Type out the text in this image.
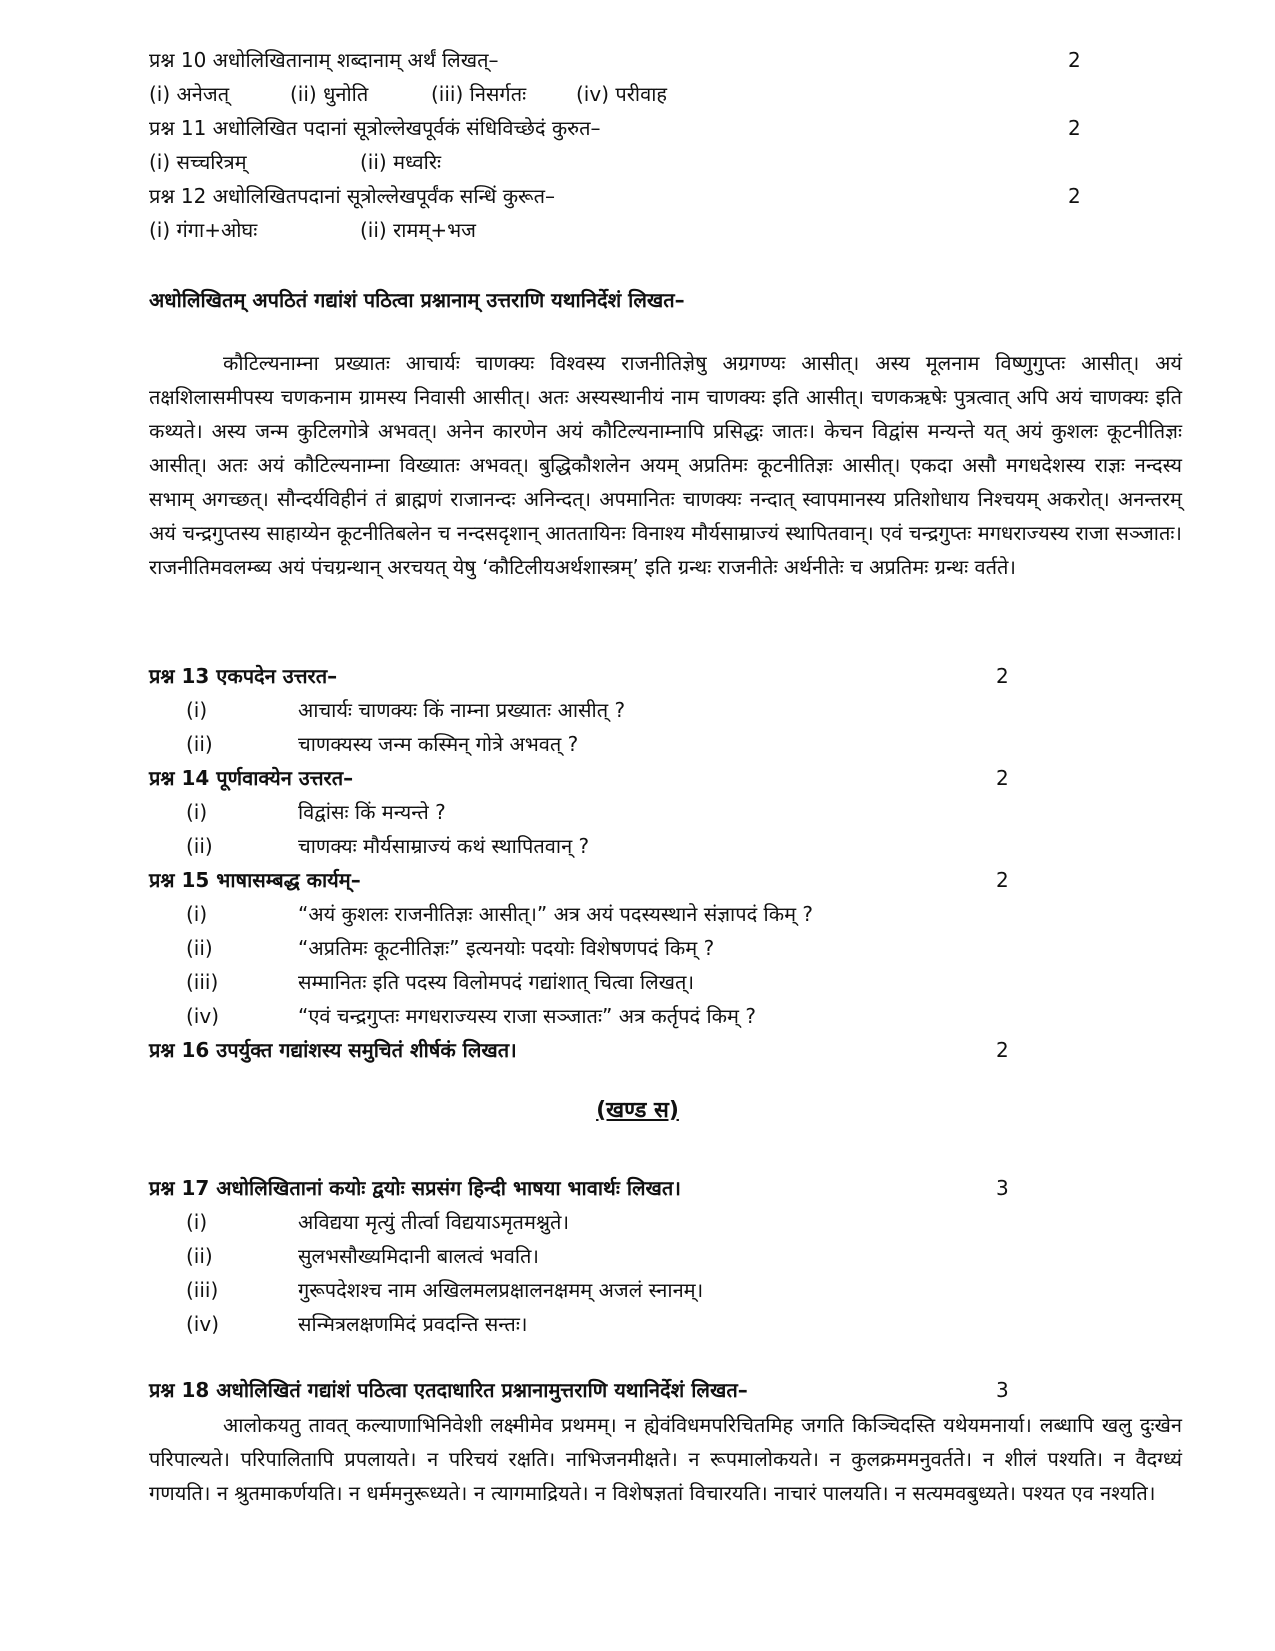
प्रश्न 10 अधोलिखितानाम् शब्दानाम् अर्थं लिखत्–	2
(i) अनेजत्	(ii) धुनोति	(iii) निसर्गतः (iv) परीवाह
प्रश्न 11 अधोलिखित पदानां सूत्रोल्लेखपूर्वकं संधिविच्छेदं कुरुत–	2
(i) सच्चरित्रम्	(ii) मध्वरिः
प्रश्न 12 अधोलिखितपदानां सूत्रोल्लेखपूर्वंक सन्धिं कुरूत–	2
(i) गंगा+ओघः	(ii) रामम्+भज
अधोलिखितम् अपठितं गद्यांशं पठित्वा प्रश्नानाम् उत्तराणि यथानिर्देशं लिखत–
कौटिल्यनाम्ना प्रख्यातः आचार्यः चाणक्यः विश्वस्य राजनीतिज्ञेषु अग्रगण्यः आसीत्। अस्य मूलनाम विष्णुगुप्तः आसीत्। अयं तक्षशिलासमीपस्य चणकनाम ग्रामस्य निवासी आसीत्। अतः अस्यस्थानीयं नाम चाणक्यः इति आसीत्। चणकऋषेः पुत्रत्वात् अपि अयं चाणक्यः इति कथ्यते। अस्य जन्म कुटिलगोत्रे अभवत्। अनेन कारणेन अयं कौटिल्यनाम्नापि प्रसिद्धः जातः। केचन विद्वांस मन्यन्ते यत् अयं कुशलः कूटनीतिज्ञः आसीत्। अतः अयं कौटिल्यनाम्ना विख्यातः अभवत्। बुद्धिकौशलेन अयम् अप्रतिमः कूटनीतिज्ञः आसीत्। एकदा असौ मगधदेशस्य राज्ञः नन्दस्य सभाम् अगच्छत्। सौन्दर्यविहीनं तं ब्राह्मणं राजानन्दः अनिन्दत्। अपमानितः चाणक्यः नन्दात् स्वापमानस्य प्रतिशोधाय निश्चयम् अकरोत्। अनन्तरम् अयं चन्द्रगुप्तस्य साहाय्येन कूटनीतिबलेन च नन्दसदृशान् आततायिनः विनाश्य मौर्यसाम्राज्यं स्थापितवान्। एवं चन्द्रगुप्तः मगधराज्यस्य राजा सञ्जातः। राजनीतिमवलम्ब्य अयं पंचग्रन्थान् अरचयत् येषु ‘कौटिलीयअर्थशास्त्रम्’ इति ग्रन्थः राजनीतेः अर्थनीतेः च अप्रतिमः ग्रन्थः वर्तते।
प्रश्न 13 एकपदेन उत्तरत–	2
(i)	आचार्यः चाणक्यः किं नाम्ना प्रख्यातः आसीत् ?
(ii)	चाणक्यस्य जन्म कस्मिन् गोत्रे अभवत् ?
प्रश्न 14 पूर्णवाक्येन उत्तरत–	2
(i)	विद्वांसः किं मन्यन्ते ?
(ii)	चाणक्यः मौर्यसाम्राज्यं कथं स्थापितवान् ?
प्रश्न 15 भाषासम्बद्ध कार्यम्–	2
(i)	“अयं कुशलः राजनीतिज्ञः आसीत्।” अत्र अयं पदस्यस्थाने संज्ञापदं किम् ?
(ii)	“अप्रतिमः कूटनीतिज्ञः” इत्यनयोः पदयोः विशेषणपदं किम् ?
(iii)	सम्मानितः इति पदस्य विलोमपदं गद्यांशात् चित्वा लिखत्।
(iv)	“एवं चन्द्रगुप्तः मगधराज्यस्य राजा सञ्जातः” अत्र कर्तृपदं किम् ?
प्रश्न 16 उपर्युक्त गद्यांशस्य समुचितं शीर्षकं लिखत।	2
(खण्ड स)
प्रश्न 17 अधोलिखितानां कयोः द्वयोः सप्रसंग हिन्दी भाषया भावार्थः लिखत।	3
(i)	अविद्यया मृत्युं तीर्त्वा विद्ययाऽमृतमश्नुते।
(ii)	सुलभसौख्यमिदानी बालत्वं भवति।
(iii)	गुरूपदेशश्च नाम अखिलमलप्रक्षालनक्षमम् अजलं स्नानम्।
(iv)	सन्मित्रलक्षणमिदं प्रवदन्ति सन्तः।
प्रश्न 18 अधोलिखितं गद्यांशं पठित्वा एतदाधारित प्रश्नानामुत्तराणि यथानिर्देशं लिखत–	3
आलोकयतु तावत् कल्याणाभिनिवेशी लक्ष्मीमेव प्रथमम्। न ह्येवंविधमपरिचितमिह जगति किञ्चिदस्ति यथेयमनार्या। लब्धापि खलु दुःखेन परिपाल्यते। परिपालितापि प्रपलायते। न परिचयं रक्षति। नाभिजनमीक्षते। न रूपमालोकयते। न कुलक्रममनुवर्तते। न शीलं पश्यति। न वैदग्ध्यं गणयति। न श्रुतमाकर्णयति। न धर्ममनुरूध्यते। न त्यागमाद्रियते। न विशेषज्ञतां विचारयति। नाचारं पालयति। न सत्यमवबुध्यते। पश्यत एव नश्यति।
